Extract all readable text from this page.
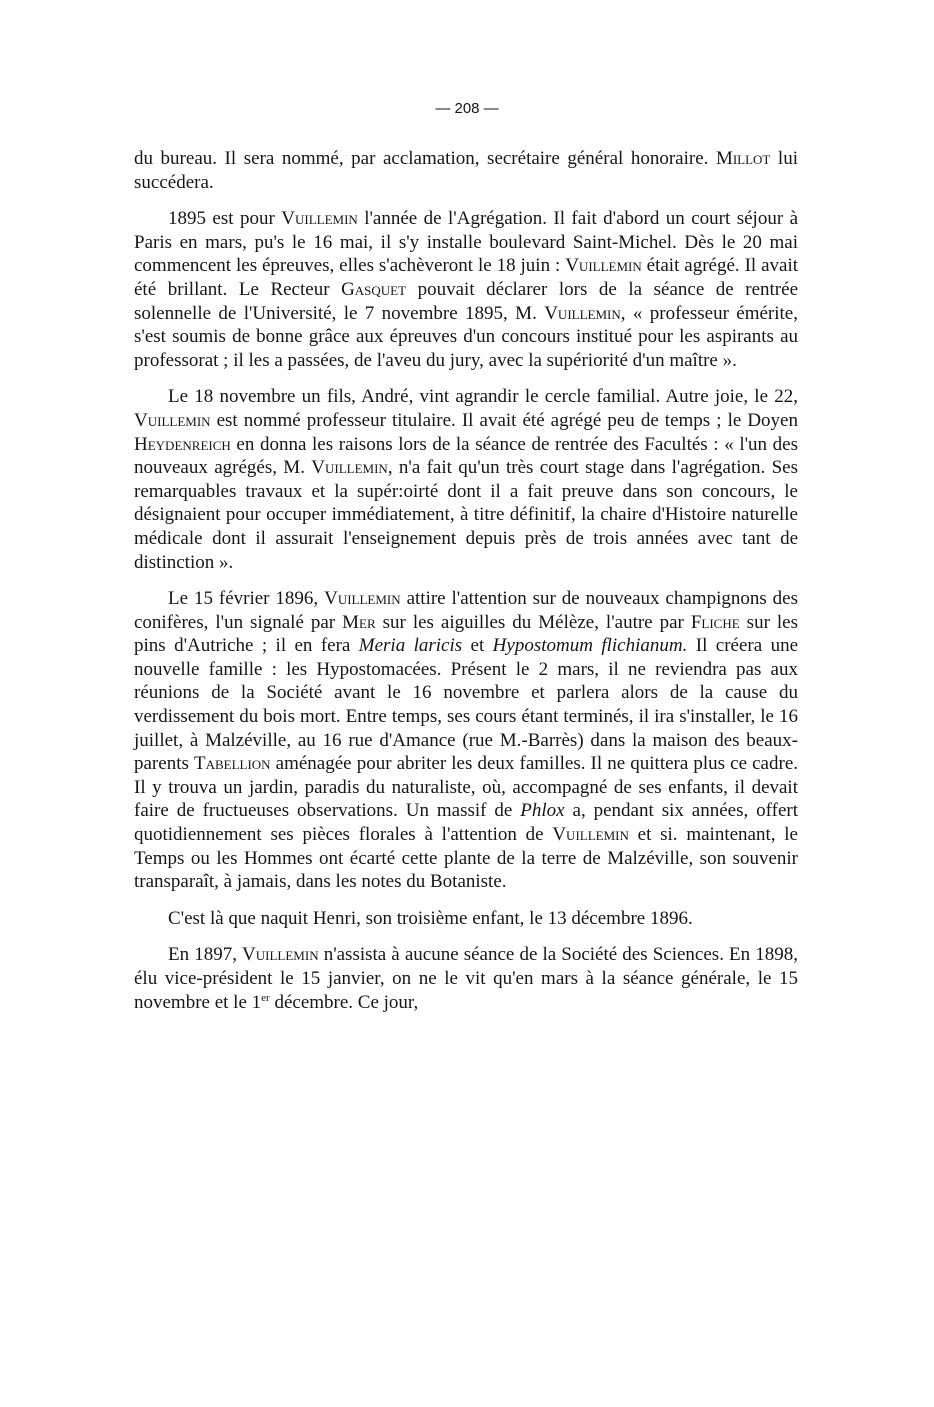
— 208 —

du bureau. Il sera nommé, par acclamation, secrétaire général honoraire. Millot lui succédera.

1895 est pour Vuillemin l'année de l'Agrégation. Il fait d'abord un court séjour à Paris en mars, pu's le 16 mai, il s'y installe boulevard Saint-Michel. Dès le 20 mai commencent les épreuves, elles s'achèveront le 18 juin : Vuillemin était agrégé. Il avait été brillant. Le Recteur Gasquet pouvait déclarer lors de la séance de rentrée solennelle de l'Université, le 7 novembre 1895, M. Vuillemin, « professeur émérite, s'est soumis de bonne grâce aux épreuves d'un concours institué pour les aspirants au professorat ; il les a passées, de l'aveu du jury, avec la supériorité d'un maître ».

Le 18 novembre un fils, André, vint agrandir le cercle familial. Autre joie, le 22, Vuillemin est nommé professeur titulaire. Il avait été agrégé peu de temps ; le Doyen Heydenreich en donna les raisons lors de la séance de rentrée des Facultés : « l'un des nouveaux agrégés, M. Vuillemin, n'a fait qu'un très court stage dans l'agrégation. Ses remarquables travaux et la supér:oirté dont il a fait preuve dans son concours, le désignaient pour occuper immédiatement, à titre définitif, la chaire d'Histoire naturelle médicale dont il assurait l'enseignement depuis près de trois années avec tant de distinction ».

Le 15 février 1896, Vuillemin attire l'attention sur de nouveaux champignons des conifères, l'un signalé par Mer sur les aiguilles du Mélèze, l'autre par Fliche sur les pins d'Autriche ; il en fera Meria laricis et Hypostomum flichianum. Il créera une nouvelle famille : les Hypostomacées. Présent le 2 mars, il ne reviendra pas aux réunions de la Société avant le 16 novembre et parlera alors de la cause du verdissement du bois mort. Entre temps, ses cours étant terminés, il ira s'installer, le 16 juillet, à Malzéville, au 16 rue d'Amance (rue M.-Barrès) dans la maison des beaux-parents Tabellion aménagée pour abriter les deux familles. Il ne quittera plus ce cadre. Il y trouva un jardin, paradis du naturaliste, où, accompagné de ses enfants, il devait faire de fructueuses observations. Un massif de Phlox a, pendant six années, offert quotidiennement ses pièces florales à l'attention de Vuillemin et si. maintenant, le Temps ou les Hommes ont écarté cette plante de la terre de Malzéville, son souvenir transparaît, à jamais, dans les notes du Botaniste.

C'est là que naquit Henri, son troisième enfant, le 13 décembre 1896.

En 1897, Vuillemin n'assista à aucune séance de la Société des Sciences. En 1898, élu vice-président le 15 janvier, on ne le vit qu'en mars à la séance générale, le 15 novembre et le 1er décembre. Ce jour,
